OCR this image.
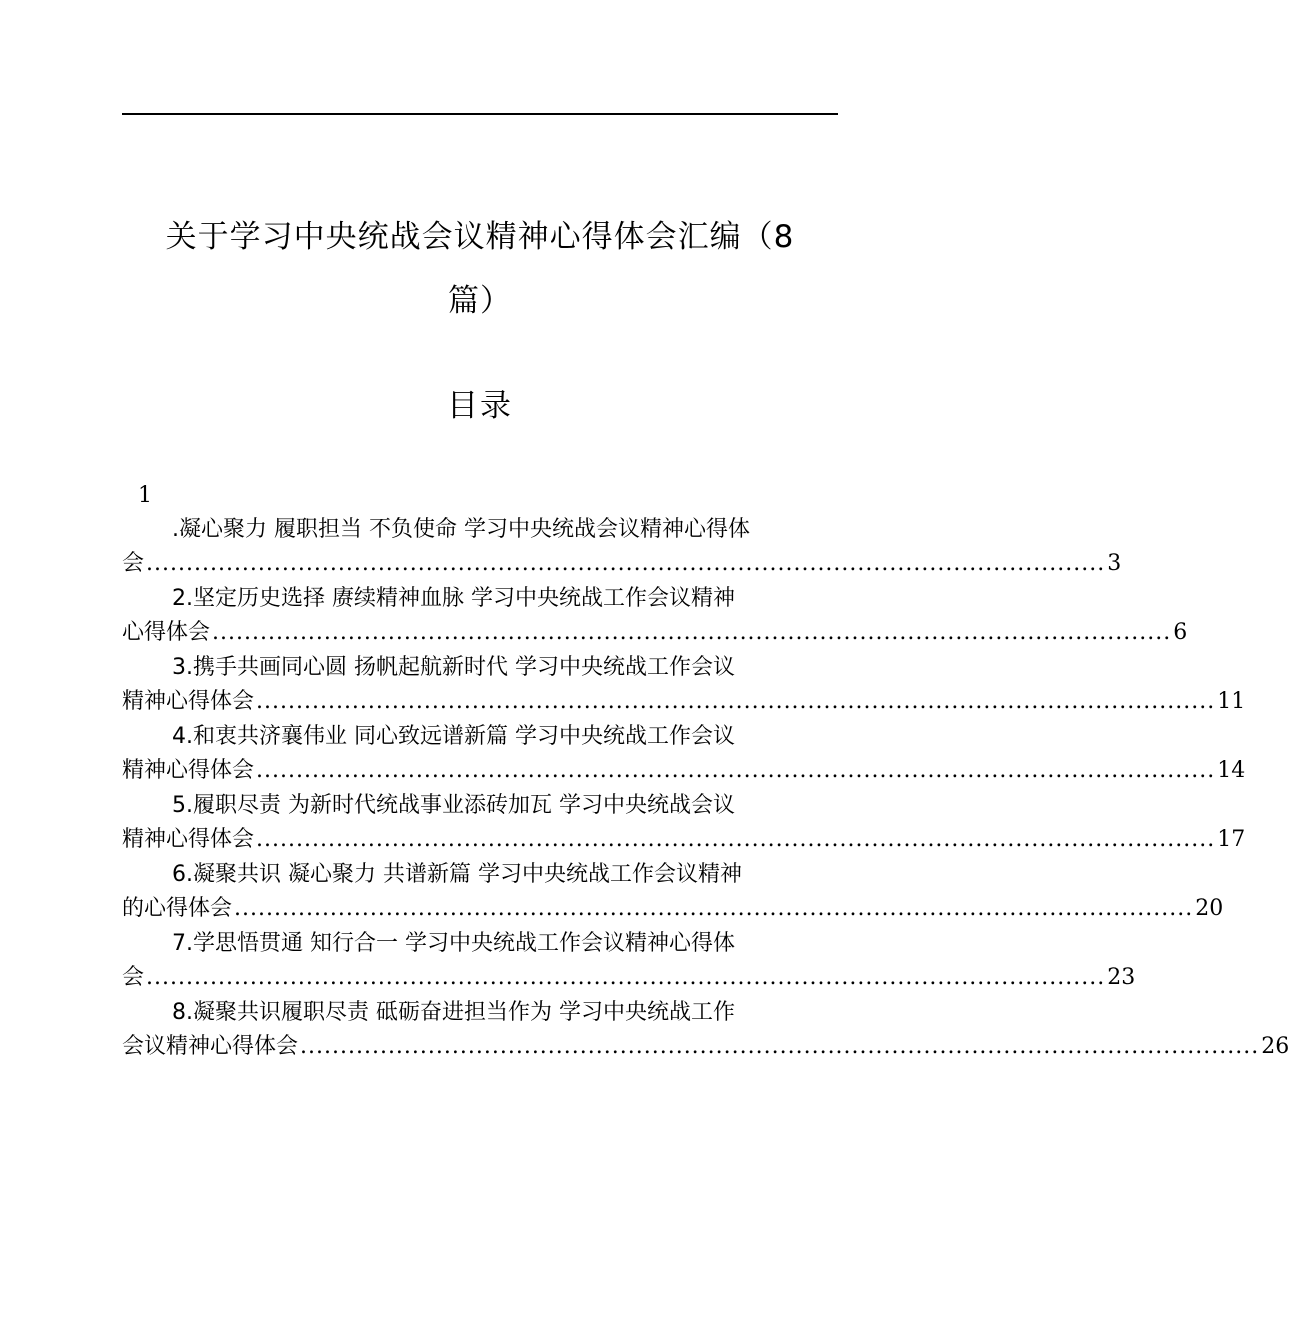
关于学习中央统战会议精神心得体会汇编（8
篇）
目录
1
.凝心聚力 履职担当 不负使命 学习中央统战会议精神心得体
会 ........................................................................................................................ 3
2.坚定历史选择 赓续精神血脉 学习中央统战工作会议精神
心得体会 ........................................................................................................................ 6
3.携手共画同心圆 扬帆起航新时代 学习中央统战工作会议
精神心得体会 ........................................................................................................................ 11
4.和衷共济襄伟业 同心致远谱新篇 学习中央统战工作会议
精神心得体会 ........................................................................................................................ 14
5.履职尽责 为新时代统战事业添砖加瓦 学习中央统战会议
精神心得体会 ........................................................................................................................ 17
6.凝聚共识 凝心聚力 共谱新篇 学习中央统战工作会议精神
的心得体会 ........................................................................................................................ 20
7.学思悟贯通 知行合一 学习中央统战工作会议精神心得体
会 ........................................................................................................................ 23
8.凝聚共识履职尽责 砥砺奋进担当作为 学习中央统战工作
会议精神心得体会 ........................................................................................................................ 26
